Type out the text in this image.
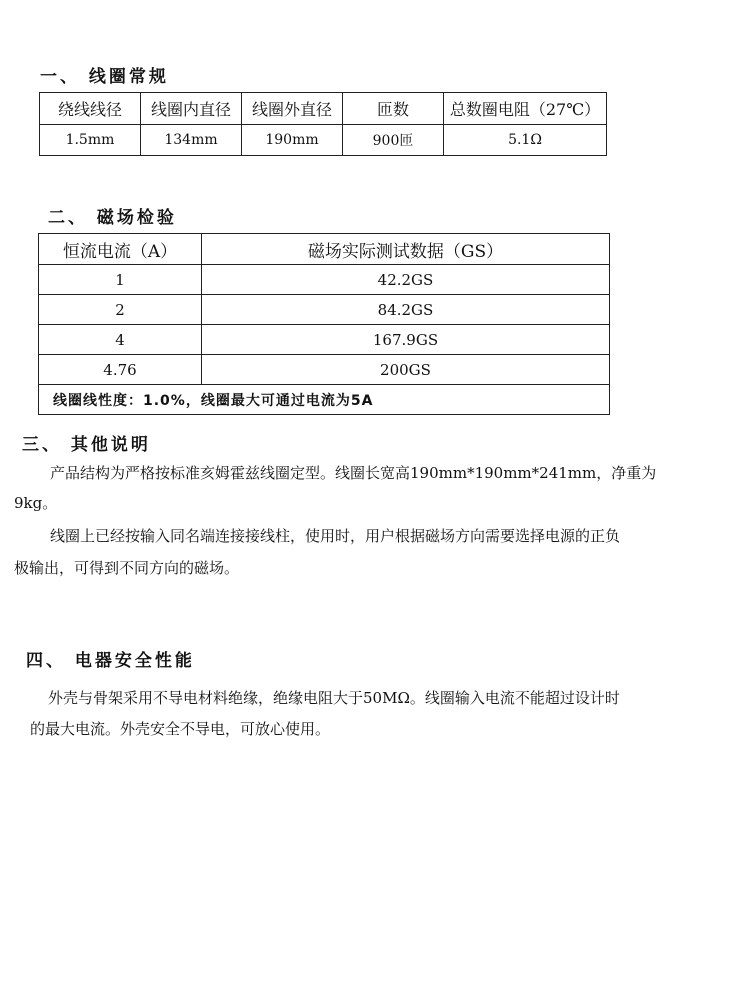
一、 线圈常规
绕线线径	线圈内直径	线圈外直径	匝数	总数圈电阻（27℃）
1.5mm	134mm	190mm	900匝	5.1Ω
二、 磁场检验
恒流电流（A）	磁场实际测试数据（GS）
1	42.2GS
2	84.2GS
4	167.9GS
4.76	200GS
线圈线性度：1.0%，线圈最大可通过电流为5A	
三、 其他说明
产品结构为严格按标准亥姆霍兹线圈定型。线圈长宽高190mm*190mm*241mm，净重为
9kg。
线圈上已经按输入同名端连接接线柱，使用时，用户根据磁场方向需要选择电源的正负
极输出，可得到不同方向的磁场。
四、 电器安全性能
外壳与骨架采用不导电材料绝缘，绝缘电阻大于50MΩ。线圈输入电流不能超过设计时
的最大电流。外壳安全不导电，可放心使用。
